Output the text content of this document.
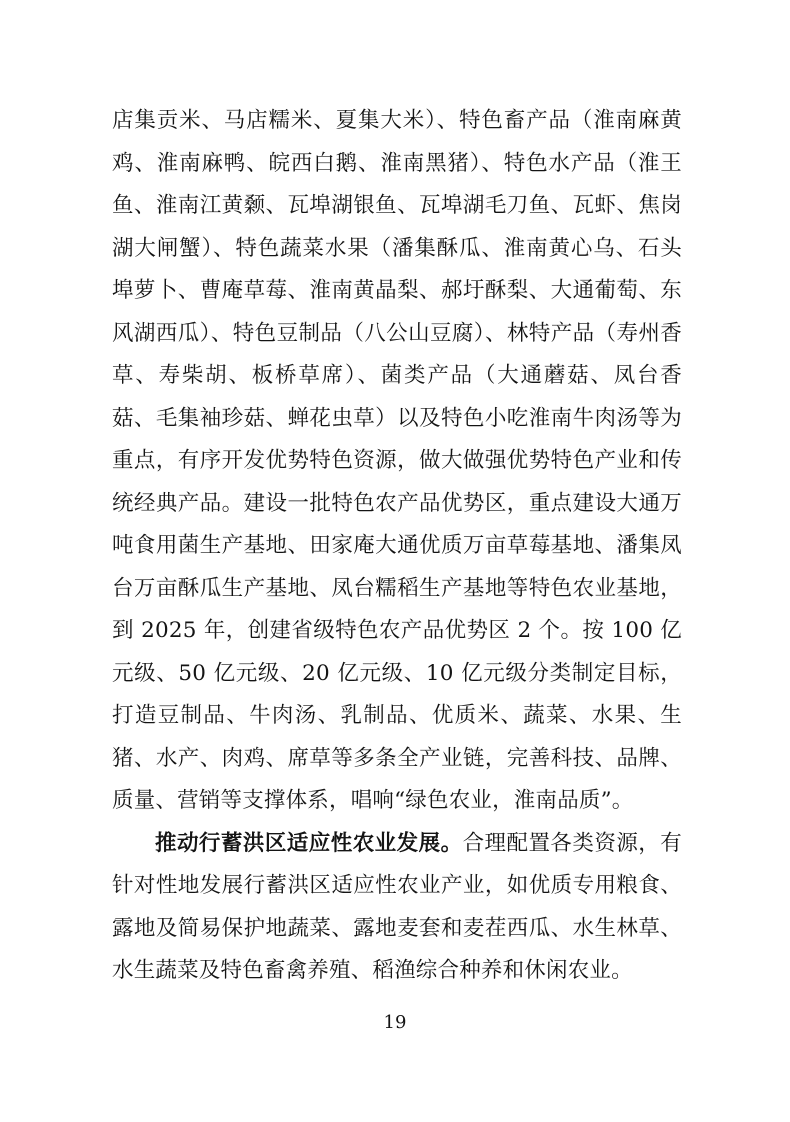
店集贡米、马店糯米、夏集大米）、特色畜产品（淮南麻黄鸡、淮南麻鸭、皖西白鹅、淮南黑猪）、特色水产品（淮王鱼、淮南江黄颡、瓦埠湖银鱼、瓦埠湖毛刀鱼、瓦虾、焦岗湖大闸蟹）、特色蔬菜水果（潘集酥瓜、淮南黄心乌、石头埠萝卜、曹庵草莓、淮南黄晶梨、郝圩酥梨、大通葡萄、东风湖西瓜）、特色豆制品（八公山豆腐）、林特产品（寿州香草、寿柴胡、板桥草席）、菌类产品（大通蘑菇、凤台香菇、毛集袖珍菇、蝉花虫草）以及特色小吃淮南牛肉汤等为重点，有序开发优势特色资源，做大做强优势特色产业和传统经典产品。建设一批特色农产品优势区，重点建设大通万吨食用菌生产基地、田家庵大通优质万亩草莓基地、潘集凤台万亩酥瓜生产基地、凤台糯稻生产基地等特色农业基地，到 2025 年，创建省级特色农产品优势区 2 个。按 100 亿元级、50 亿元级、20 亿元级、10 亿元级分类制定目标，打造豆制品、牛肉汤、乳制品、优质米、蔬菜、水果、生猪、水产、肉鸡、席草等多条全产业链，完善科技、品牌、质量、营销等支撑体系，唱响“绿色农业，淮南品质”。

推动行蓄洪区适应性农业发展。合理配置各类资源，有针对性地发展行蓄洪区适应性农业产业，如优质专用粮食、露地及简易保护地蔬菜、露地麦套和麦茬西瓜、水生林草、水生蔬菜及特色畜禽养殖、稻渔综合种养和休闲农业。

19
